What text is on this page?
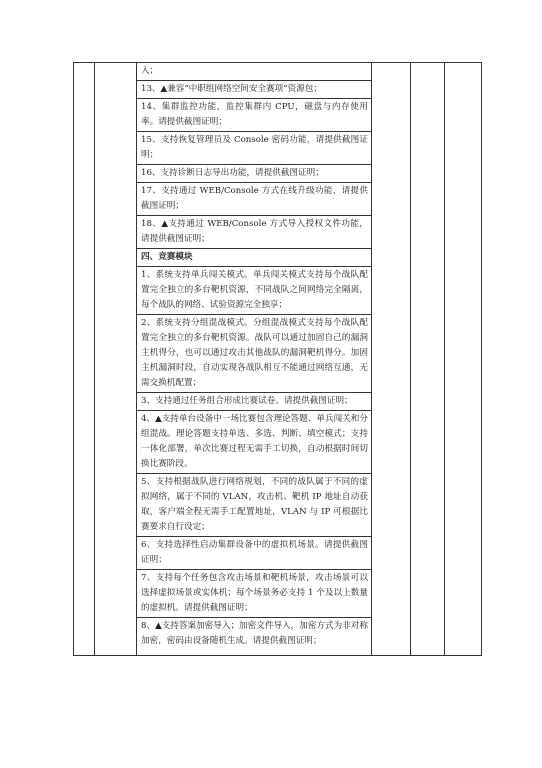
入；
13、▲兼容“中职组网络空间安全赛项”资源包；
14、集群监控功能，监控集群内 CPU，磁盘与内存使用率。请提供截图证明；
15、支持恢复管理员及 Console 密码功能，请提供截图证明；
16、支持诊断日志导出功能，请提供截图证明；
17、支持通过 WEB/Console 方式在线升级功能，请提供截图证明；
18、▲支持通过 WEB/Console 方式导入授权文件功能，请提供截图证明；
四、竞赛模块
1、系统支持单兵闯关模式。单兵闯关模式支持每个战队配置完全独立的多台靶机资源，不同战队之间网络完全隔离，每个战队的网络、试验资源完全独享；
2、系统支持分组混战模式。分组混战模式支持每个战队配置完全独立的多台靶机资源。战队可以通过加固自己的漏洞主机得分，也可以通过攻击其他战队的漏洞靶机得分。加固主机漏洞时段，自动实现各战队相互不能通过网络互通，无需交换机配置；
3、支持通过任务组合形成比赛试卷。请提供截图证明；
4、▲支持单台设备中一场比赛包含理论答题、单兵闯关和分组混战。理论答题支持单选、多选、判断、填空模式；支持一体化部署，单次比赛过程无需手工切换，自动根据时间切换比赛阶段。
5、支持根据战队进行网络规划，不同的战队属于不同的虚拟网络，属于不同的 VLAN，攻击机、靶机 IP 地址自动获取，客户端全程无需手工配置地址，VLAN 与 IP 可根据比赛要求自行设定；
6、支持选择性启动集群设备中的虚拟机场景。请提供截图证明；
7、支持每个任务包含攻击场景和靶机场景，攻击场景可以选择虚拟场景或实体机；每个场景务必支持 1 个及以上数量的虚拟机。请提供截图证明；
8、▲支持答案加密导入；加密文件导入，加密方式为非对称加密，密码由设备随机生成。请提供截图证明；
